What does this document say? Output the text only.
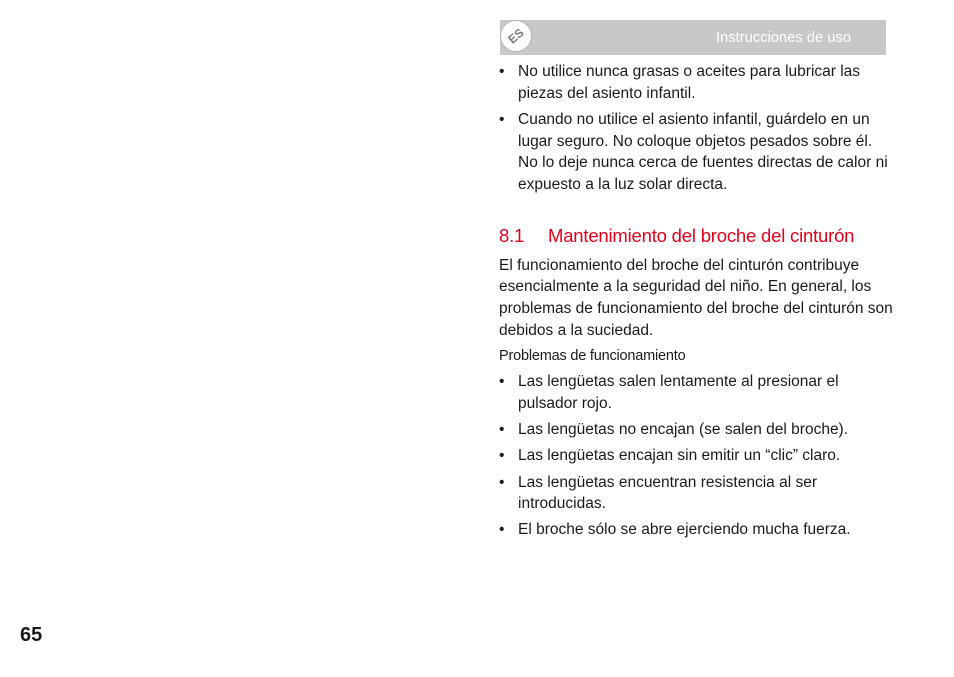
Instrucciones de uso
ES
• No utilice nunca grasas o aceites para lubricar las piezas del asiento infantil.
• Cuando no utilice el asiento infantil, guárdelo en un lugar seguro. No coloque objetos pesados sobre él. No lo deje nunca cerca de fuentes directas de calor ni expuesto a la luz solar directa.
8.1	Mantenimiento del broche del cinturón
El funcionamiento del broche del cinturón contribuye esencialmente a la seguridad del niño. En general, los problemas de funcionamiento del broche del cinturón son debidos a la suciedad.
Problemas de funcionamiento
• Las lengüetas salen lentamente al presionar el pulsador rojo.
• Las lengüetas no encajan (se salen del broche).
• Las lengüetas encajan sin emitir un “clic” claro.
• Las lengüetas encuentran resistencia al ser introducidas.
• El broche sólo se abre ejerciendo mucha fuerza.
65
